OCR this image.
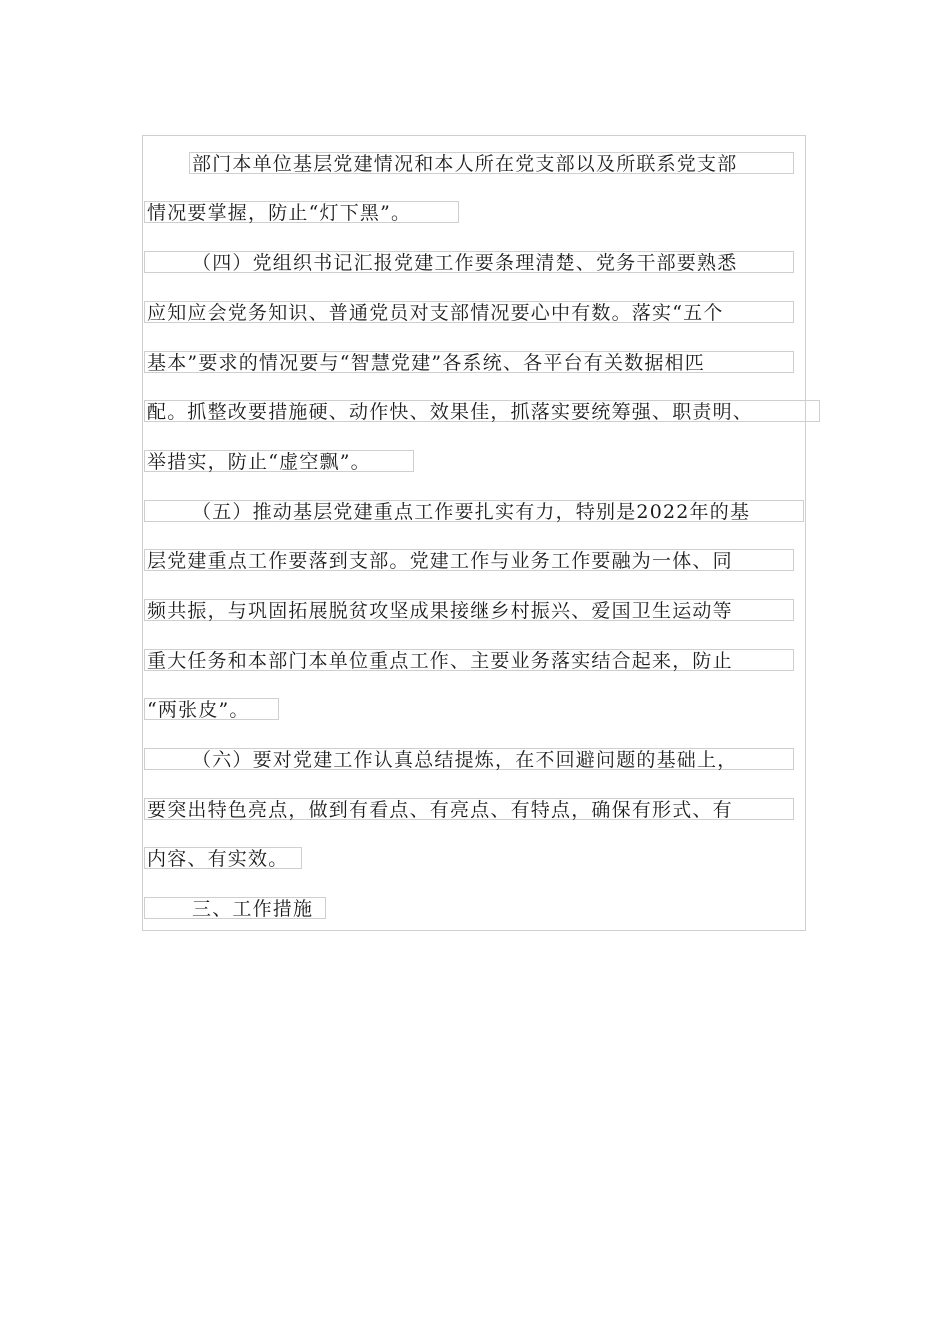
部门本单位基层党建情况和本人所在党支部以及所联系党支部
情况要掌握，防止“灯下黑”。
（四）党组织书记汇报党建工作要条理清楚、党务干部要熟悉
应知应会党务知识、普通党员对支部情况要心中有数。落实“五个
基本”要求的情况要与“智慧党建”各系统、各平台有关数据相匹
配。抓整改要措施硬、动作快、效果佳，抓落实要统筹强、职责明、
举措实，防止“虚空飘”。
（五）推动基层党建重点工作要扎实有力，特别是2022年的基
层党建重点工作要落到支部。党建工作与业务工作要融为一体、同
频共振，与巩固拓展脱贫攻坚成果接继乡村振兴、爱国卫生运动等
重大任务和本部门本单位重点工作、主要业务落实结合起来，防止
“两张皮”。
（六）要对党建工作认真总结提炼，在不回避问题的基础上，
要突出特色亮点，做到有看点、有亮点、有特点，确保有形式、有
内容、有实效。
三、工作措施
